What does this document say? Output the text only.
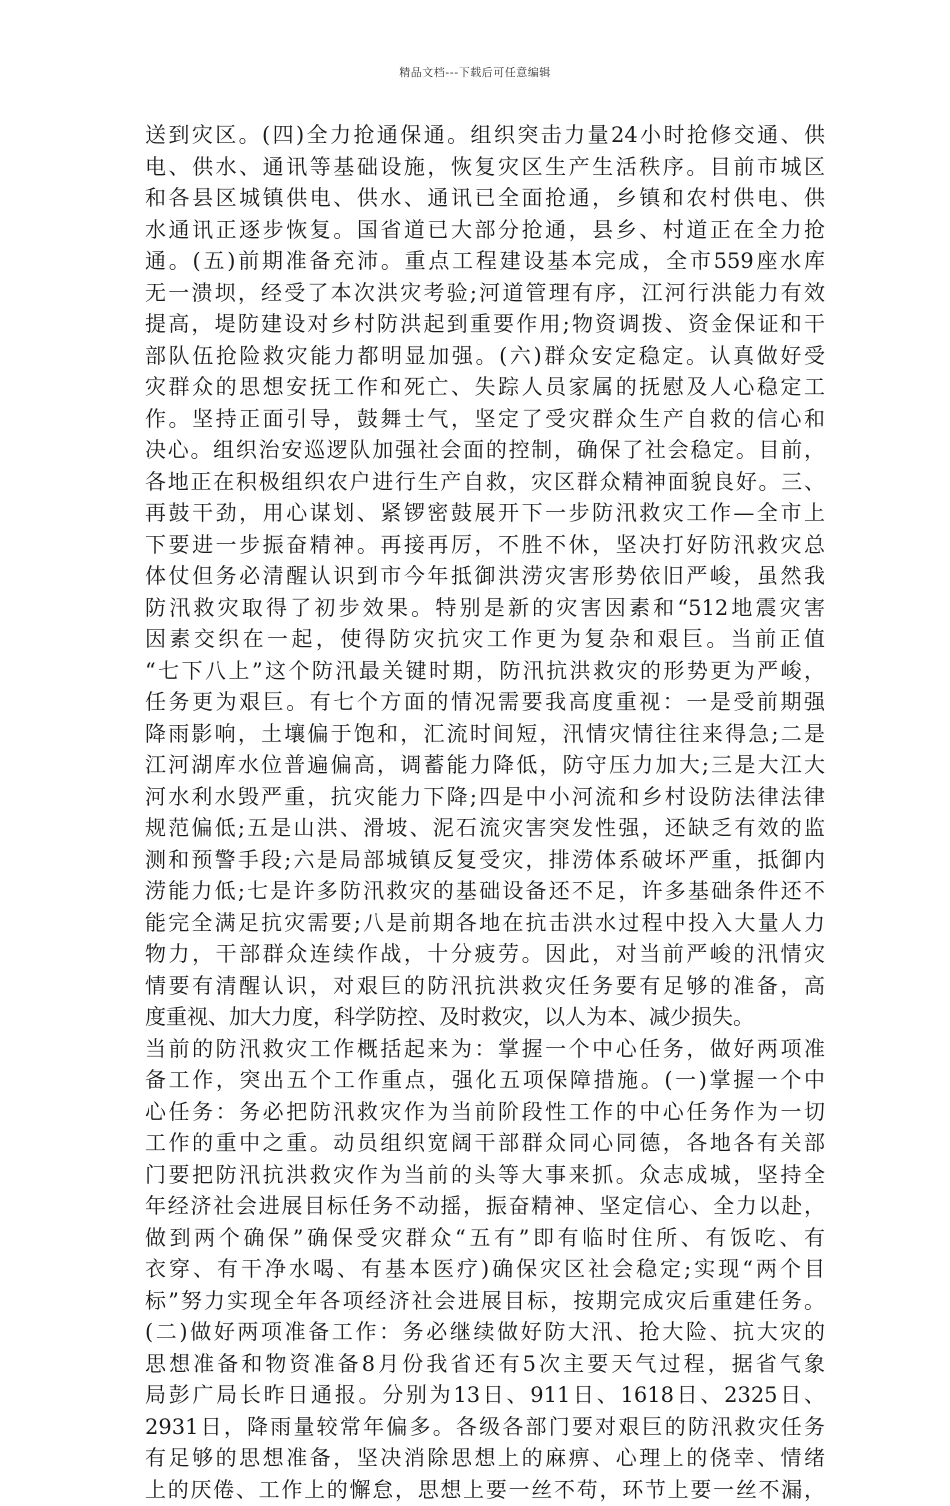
精品文档---下载后可任意编辑
送到灾区。(四)全力抢通保通。组织突击力量24小时抢修交通、供
电、供水、通讯等基础设施，恢复灾区生产生活秩序。目前市城区
和各县区城镇供电、供水、通讯已全面抢通，乡镇和农村供电、供
水通讯正逐步恢复。国省道已大部分抢通，县乡、村道正在全力抢
通。(五)前期准备充沛。重点工程建设基本完成，全市559座水库
无一溃坝，经受了本次洪灾考验;河道管理有序，江河行洪能力有效
提高，堤防建设对乡村防洪起到重要作用;物资调拨、资金保证和干
部队伍抢险救灾能力都明显加强。(六)群众安定稳定。认真做好受
灾群众的思想安抚工作和死亡、失踪人员家属的抚慰及人心稳定工
作。坚持正面引导，鼓舞士气，坚定了受灾群众生产自救的信心和
决心。组织治安巡逻队加强社会面的控制，确保了社会稳定。目前，
各地正在积极组织农户进行生产自救，灾区群众精神面貌良好。三、
再鼓干劲，用心谋划、紧锣密鼓展开下一步防汛救灾工作—全市上
下要进一步振奋精神。再接再厉，不胜不休，坚决打好防汛救灾总
体仗但务必清醒认识到市今年抵御洪涝灾害形势依旧严峻，虽然我
防汛救灾取得了初步效果。特别是新的灾害因素和“512地震灾害
因素交织在一起，使得防灾抗灾工作更为复杂和艰巨。当前正值
“七下八上”这个防汛最关键时期，防汛抗洪救灾的形势更为严峻，
任务更为艰巨。有七个方面的情况需要我高度重视：一是受前期强
降雨影响，土壤偏于饱和，汇流时间短，汛情灾情往往来得急;二是
江河湖库水位普遍偏高，调蓄能力降低，防守压力加大;三是大江大
河水利水毁严重，抗灾能力下降;四是中小河流和乡村设防法律法律
规范偏低;五是山洪、滑坡、泥石流灾害突发性强，还缺乏有效的监
测和预警手段;六是局部城镇反复受灾，排涝体系破坏严重，抵御内
涝能力低;七是许多防汛救灾的基础设备还不足，许多基础条件还不
能完全满足抗灾需要;八是前期各地在抗击洪水过程中投入大量人力
物力，干部群众连续作战，十分疲劳。因此，对当前严峻的汛情灾
情要有清醒认识，对艰巨的防汛抗洪救灾任务要有足够的准备，高
度重视、加大力度，科学防控、及时救灾，以人为本、减少损失。
当前的防汛救灾工作概括起来为：掌握一个中心任务，做好两项准
备工作，突出五个工作重点，强化五项保障措施。(一)掌握一个中
心任务：务必把防汛救灾作为当前阶段性工作的中心任务作为一切
工作的重中之重。动员组织宽阔干部群众同心同德，各地各有关部
门要把防汛抗洪救灾作为当前的头等大事来抓。众志成城，坚持全
年经济社会进展目标任务不动摇，振奋精神、坚定信心、全力以赴，
做到两个确保”确保受灾群众“五有”即有临时住所、有饭吃、有
衣穿、有干净水喝、有基本医疗)确保灾区社会稳定;实现“两个目
标”努力实现全年各项经济社会进展目标，按期完成灾后重建任务。
(二)做好两项准备工作：务必继续做好防大汛、抢大险、抗大灾的
思想准备和物资准备8月份我省还有5次主要天气过程，据省气象
局彭广局长昨日通报。分别为13日、911日、1618日、2325日、
2931日，降雨量较常年偏多。各级各部门要对艰巨的防汛救灾任务
有足够的思想准备，坚决消除思想上的麻痹、心理上的侥幸、情绪
上的厌倦、工作上的懈怠，思想上要一丝不苟，环节上要一丝不漏，
